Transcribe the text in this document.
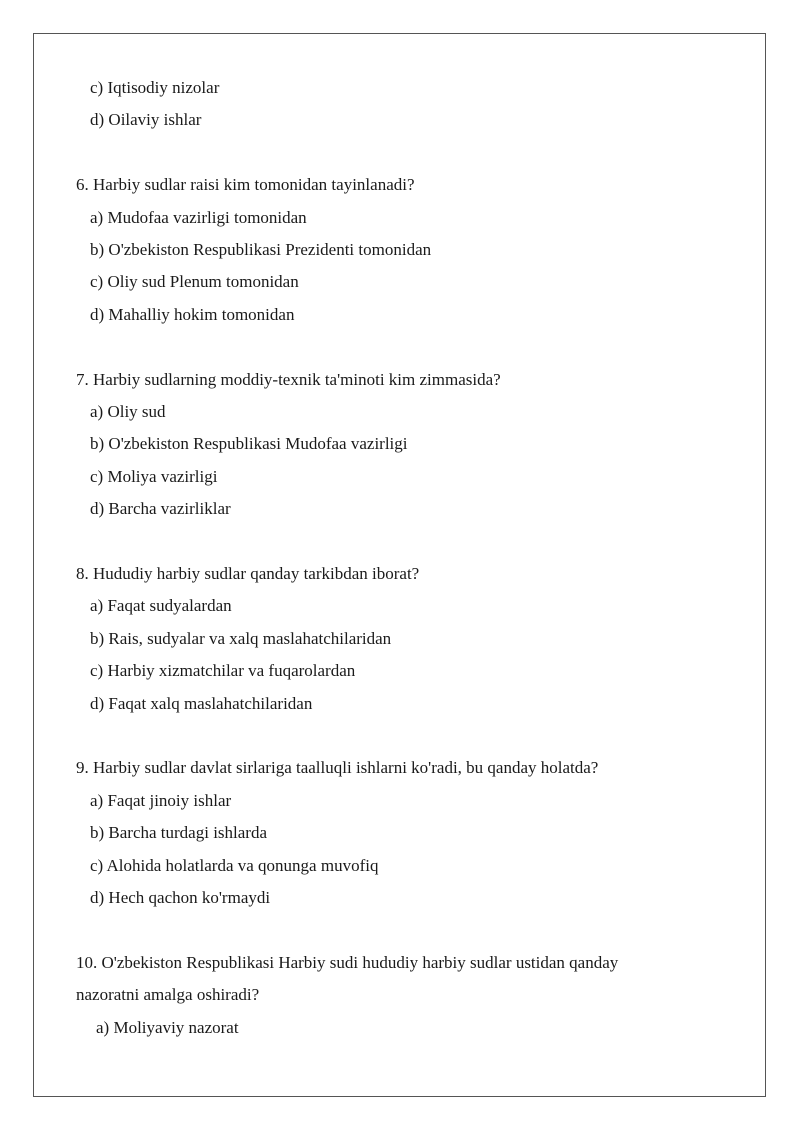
c) Iqtisodiy nizolar
d) Oilaviy ishlar
6. Harbiy sudlar raisi kim tomonidan tayinlanadi?
a) Mudofaa vazirligi tomonidan
b) O'zbekiston Respublikasi Prezidenti tomonidan
c) Oliy sud Plenum tomonidan
d) Mahalliy hokim tomonidan
7. Harbiy sudlarning moddiy-texnik ta'minoti kim zimmasida?
a) Oliy sud
b) O'zbekiston Respublikasi Mudofaa vazirligi
c) Moliya vazirligi
d) Barcha vazirliklar
8. Hududiy harbiy sudlar qanday tarkibdan iborat?
a) Faqat sudyalardan
b) Rais, sudyalar va xalq maslahatchilaridan
c) Harbiy xizmatchilar va fuqarolardan
d) Faqat xalq maslahatchilaridan
9. Harbiy sudlar davlat sirlariga taalluqli ishlarni ko'radi, bu qanday holatda?
a) Faqat jinoiy ishlar
b) Barcha turdagi ishlarda
c) Alohida holatlarda va qonunga muvofiq
d) Hech qachon ko'rmaydi
10. O'zbekiston Respublikasi Harbiy sudi hududiy harbiy sudlar ustidan qanday
nazoratni amalga oshiradi?
a) Moliyaviy nazorat
